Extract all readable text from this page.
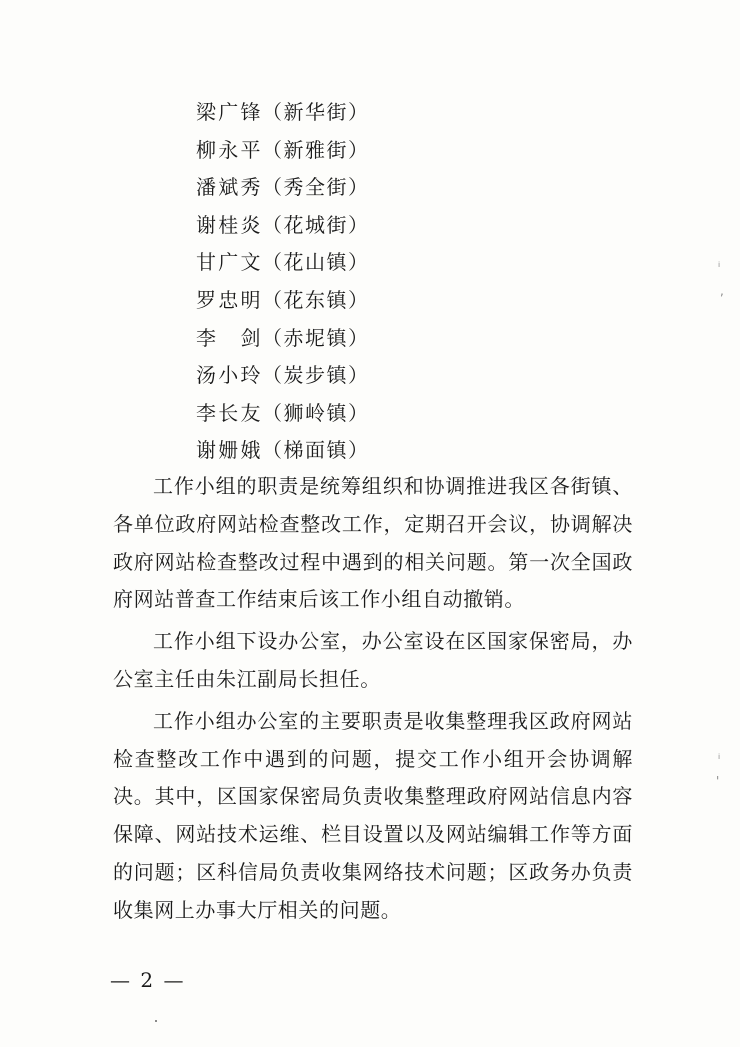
梁广锋 （ 新华街 ）
柳永平 （ 新雅街 ）
潘斌秀 （ 秀全街 ）
谢桂炎 （ 花城街 ）
甘广文 （ 花山镇 ）
罗忠明 （ 花东镇 ）
李 剑 （ 赤坭镇 ）
汤小玲 （ 炭步镇 ）
李长友 （ 狮岭镇 ）
谢姗娥 （ 梯面镇 ）

工作小组的职责是统筹组织和协调推进我区各街镇、各单位政府网站检查整改工作，定期召开会议，协调解决政府网站检查整改过程中遇到的相关问题。第一次全国政府网站普查工作结束后该工作小组自动撤销。

工作小组下设办公室，办公室设在区国家保密局，办公室主任由朱江副局长担任。

工作小组办公室的主要职责是收集整理我区政府网站检查整改工作中遇到的问题，提交工作小组开会协调解决。其中，区国家保密局负责收集整理政府网站信息内容保障、网站技术运维、栏目设置以及网站编辑工作等方面的问题；区科信局负责收集网络技术问题；区政务办负责收集网上办事大厅相关的问题。

— 2 —
ᵢ
,
ᵢ
'
